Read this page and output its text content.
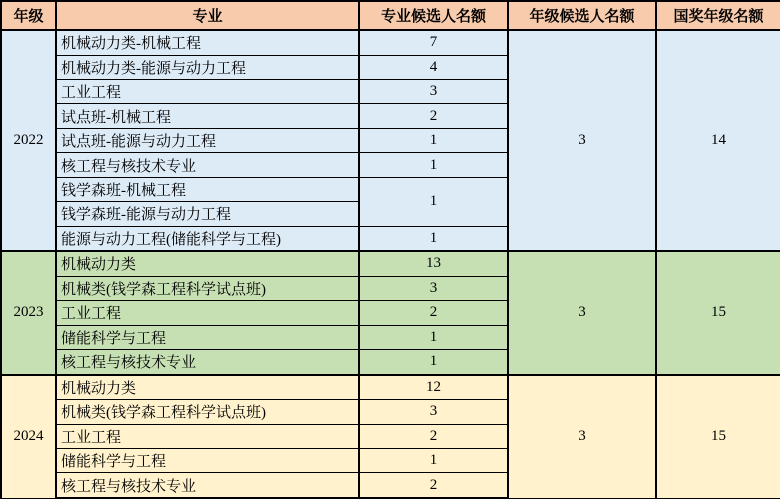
年级	专业	专业候选人名额	年级候选人名额	国奖年级名额
2022	机械动力类-机械工程	7	3	14
	机械动力类-能源与动力工程	4		
	工业工程	3		
	试点班-机械工程	2		
	试点班-能源与动力工程	1		
	核工程与核技术专业	1		
	钱学森班-机械工程	1		
	钱学森班-能源与动力工程			
	能源与动力工程(储能科学与工程)	1		
2023	机械动力类	13	3	15
	机械类(钱学森工程科学试点班)	3		
	工业工程	2		
	储能科学与工程	1		
	核工程与核技术专业	1		
2024	机械动力类	12	3	15
	机械类(钱学森工程科学试点班)	3		
	工业工程	2		
	储能科学与工程	1		
	核工程与核技术专业	2		
